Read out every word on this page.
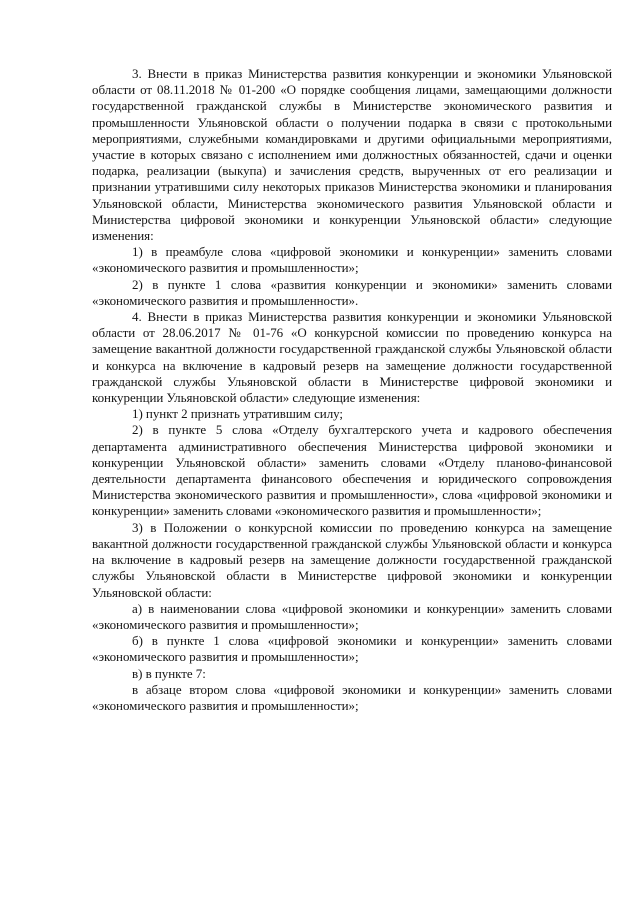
3. Внести в приказ Министерства развития конкуренции и экономики Ульяновской области от 08.11.2018 № 01-200 «О порядке сообщения лицами, замещающими должности государственной гражданской службы в Министерстве экономического развития и промышленности Ульяновской области о получении подарка в связи с протокольными мероприятиями, служебными командировками и другими официальными мероприятиями, участие в которых связано с исполнением ими должностных обязанностей, сдачи и оценки подарка, реализации (выкупа) и зачисления средств, вырученных от его реализации и признании утратившими силу некоторых приказов Министерства экономики и планирования Ульяновской области, Министерства экономического развития Ульяновской области и Министерства цифровой экономики и конкуренции Ульяновской области» следующие изменения:

1) в преамбуле слова «цифровой экономики и конкуренции» заменить словами «экономического развития и промышленности»;

2) в пункте 1 слова «развития конкуренции и экономики» заменить словами «экономического развития и промышленности».

4. Внести в приказ Министерства развития конкуренции и экономики Ульяновской области от 28.06.2017 № 01-76 «О конкурсной комиссии по проведению конкурса на замещение вакантной должности государственной гражданской службы Ульяновской области и конкурса на включение в кадровый резерв на замещение должности государственной гражданской службы Ульяновской области в Министерстве цифровой экономики и конкуренции Ульяновской области» следующие изменения:

1) пункт 2 признать утратившим силу;

2) в пункте 5 слова «Отделу бухгалтерского учета и кадрового обеспечения департамента административного обеспечения Министерства цифровой экономики и конкуренции Ульяновской области» заменить словами «Отделу планово-финансовой деятельности департамента финансового обеспечения и юридического сопровождения Министерства экономического развития и промышленности», слова «цифровой экономики и конкуренции» заменить словами «экономического развития и промышленности»;

3) в Положении о конкурсной комиссии по проведению конкурса на замещение вакантной должности государственной гражданской службы Ульяновской области и конкурса на включение в кадровый резерв на замещение должности государственной гражданской службы Ульяновской области в Министерстве цифровой экономики и конкуренции Ульяновской области:

а) в наименовании слова «цифровой экономики и конкуренции» заменить словами «экономического развития и промышленности»;

б) в пункте 1 слова «цифровой экономики и конкуренции» заменить словами «экономического развития и промышленности»;

в) в пункте 7:

в абзаце втором слова «цифровой экономики и конкуренции» заменить словами «экономического развития и промышленности»;
